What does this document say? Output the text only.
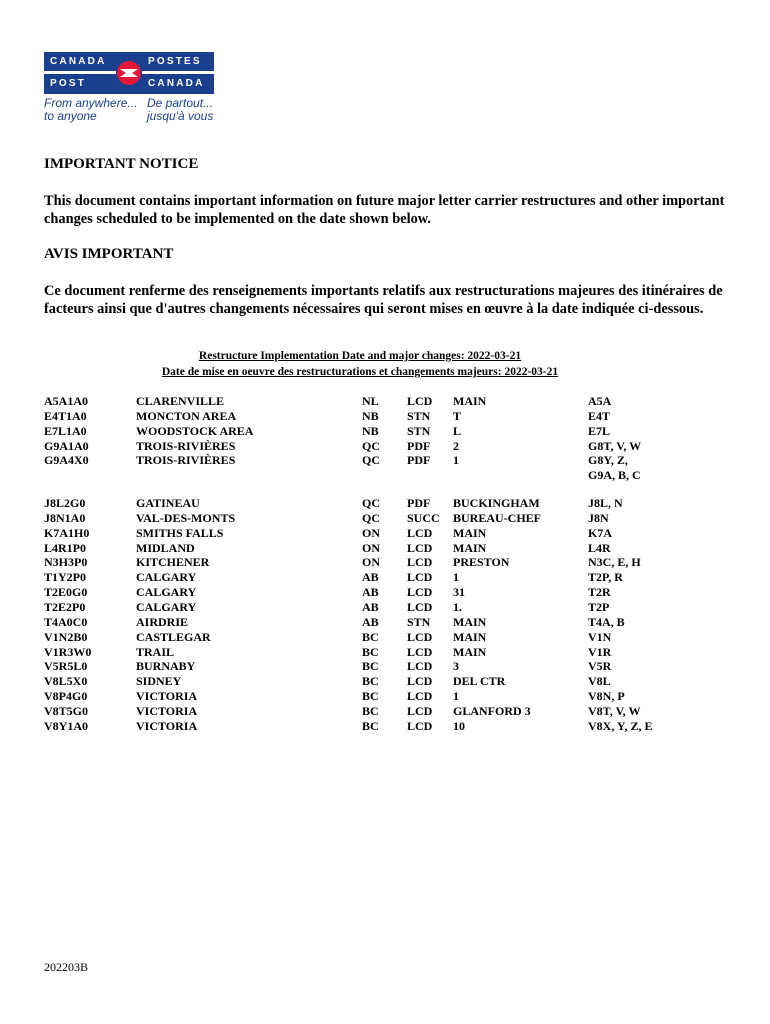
CANADA
POST
POSTES
CANADA
From anywhere...
to anyone
De partout...
jusqu'à vous
IMPORTANT NOTICE
This document contains important information on future major letter carrier restructures and other important changes scheduled to be implemented on the date shown below.
AVIS IMPORTANT
Ce document renferme des renseignements importants relatifs aux restructurations majeures des itinéraires de facteurs ainsi que d'autres changements nécessaires qui seront mises en œuvre à la date indiquée ci-dessous.
Restructure Implementation Date and major changes: 2022-03-21
Date de mise en oeuvre des restructurations et changements majeurs: 2022-03-21
A5A1A0	CLARENVILLE	NL LCD MAIN	A5A
E4T1A0	MONCTON AREA	NB STN T	E4T
E7L1A0	WOODSTOCK AREA	NB STN L	E7L
G9A1A0	TROIS-RIVIÈRES	QC PDF 2	G8T, V, W
G9A4X0	TROIS-RIVIÈRES	QC PDF 1	G8Y, Z,
G9A, B, C
J8L2G0	GATINEAU	QC PDF BUCKINGHAM	J8L, N
J8N1A0	VAL-DES-MONTS	QC SUCC BUREAU-CHEF	J8N
K7A1H0	SMITHS FALLS	ON LCD MAIN	K7A
L4R1P0	MIDLAND	ON LCD MAIN	L4R
N3H3P0	KITCHENER	ON LCD PRESTON	N3C, E, H
T1Y2P0	CALGARY	AB LCD 1	T2P, R
T2E0G0	CALGARY	AB LCD 31	T2R
T2E2P0	CALGARY	AB LCD 1.	T2P
T4A0C0	AIRDRIE	AB STN MAIN	T4A, B
V1N2B0	CASTLEGAR	BC LCD MAIN	V1N
V1R3W0	TRAIL	BC LCD MAIN	V1R
V5R5L0	BURNABY	BC LCD 3	V5R
V8L5X0	SIDNEY	BC LCD DEL CTR	V8L
V8P4G0	VICTORIA	BC LCD 1	V8N, P
V8T5G0	VICTORIA	BC LCD GLANFORD 3	V8T, V, W
V8Y1A0	VICTORIA	BC LCD 10	V8X, Y, Z, E
202203B
